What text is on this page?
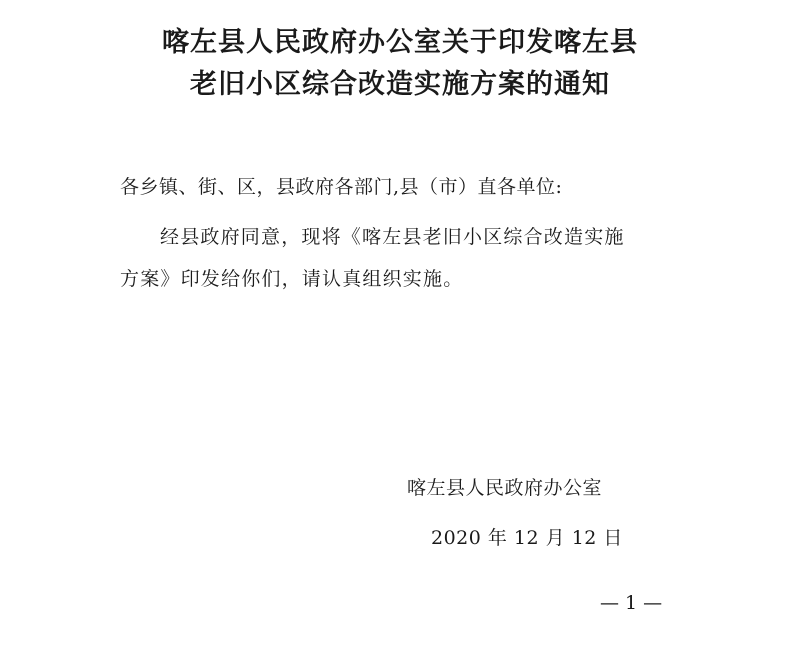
喀左县人民政府办公室关于印发喀左县
老旧小区综合改造实施方案的通知
各乡镇、街、区，县政府各部门,县（市）直各单位:
经县政府同意，现将《喀左县老旧小区综合改造实施
方案》印发给你们，请认真组织实施。
喀左县人民政府办公室
2020 年 12 月 12 日
— 1 —
